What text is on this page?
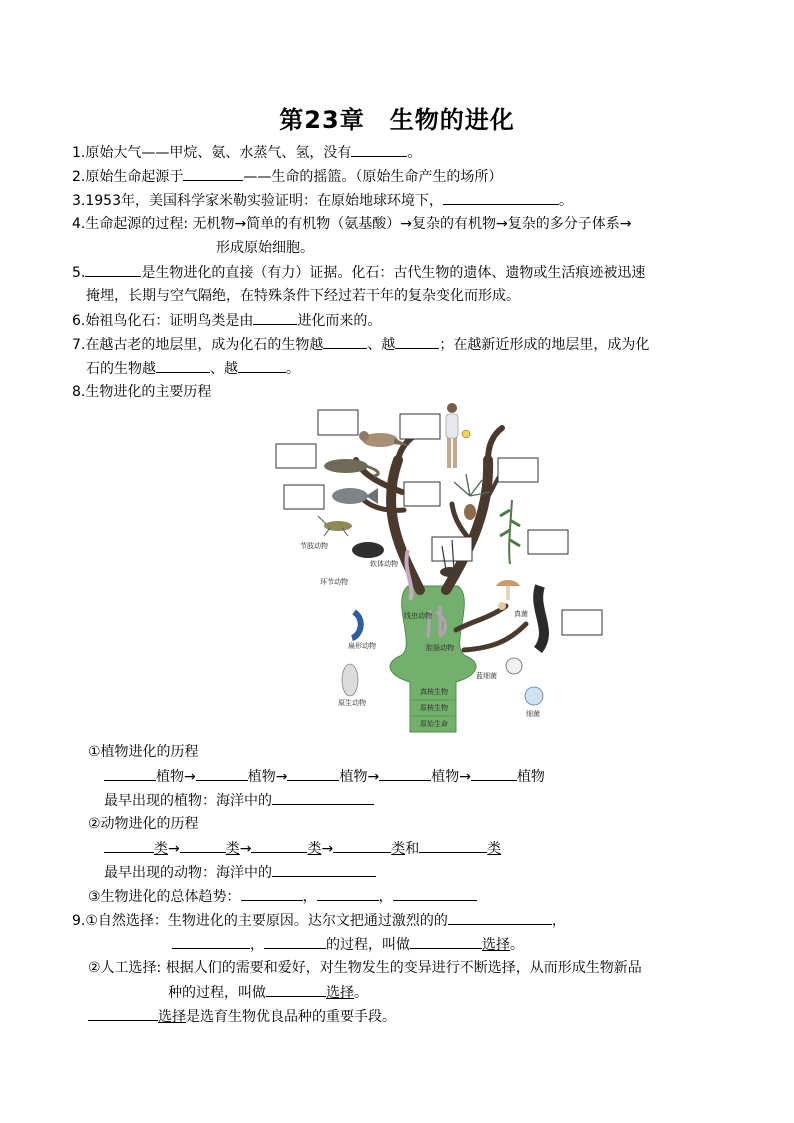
第23章　生物的进化
1.原始大气——甲烷、氨、水蒸气、氢，没有	。
2.原始生命起源于	——生命的摇篮。（原始生命产生的场所）
3.1953年，美国科学家米勒实验证明：在原始地球环境下，	。
4.生命起源的过程: 无机物→简单的有机物（氨基酸）→复杂的有机物→复杂的多分子体系→
形成原始细胞。
5.	是生物进化的直接（有力）证据。化石：古代生物的遗体、遗物或生活痕迹被迅速
掩埋，长期与空气隔绝，在特殊条件下经过若干年的复杂变化而形成。
6.始祖鸟化石：证明鸟类是由	进化而来的。
7.在越古老的地层里，成为化石的生物越	、越	；在越新近形成的地层里，成为化
石的生物越	、越	。
8.生物进化的主要历程
节肢动物
软体动物
环节动物
线虫动物
扁形动物	腔肠动物
原生动物
真核生物
原核生物
原始生命
蓝细菌
细菌
真菌
①植物进化的历程
植物→	植物→	植物→	植物→	植物
最早出现的植物：海洋中的
②动物进化的历程
类→	类→	类→	类和	类
最早出现的动物：海洋中的
③生物进化的总体趋势：	，	，
9.①自然选择：生物进化的主要原因。达尔文把通过激烈的的	，
，	的过程，叫做	选择。
②人工选择: 根据人们的需要和爱好，对生物发生的变异进行不断选择，从而形成生物新品
种的过程，叫做	选择。
选择是选育生物优良品种的重要手段。
